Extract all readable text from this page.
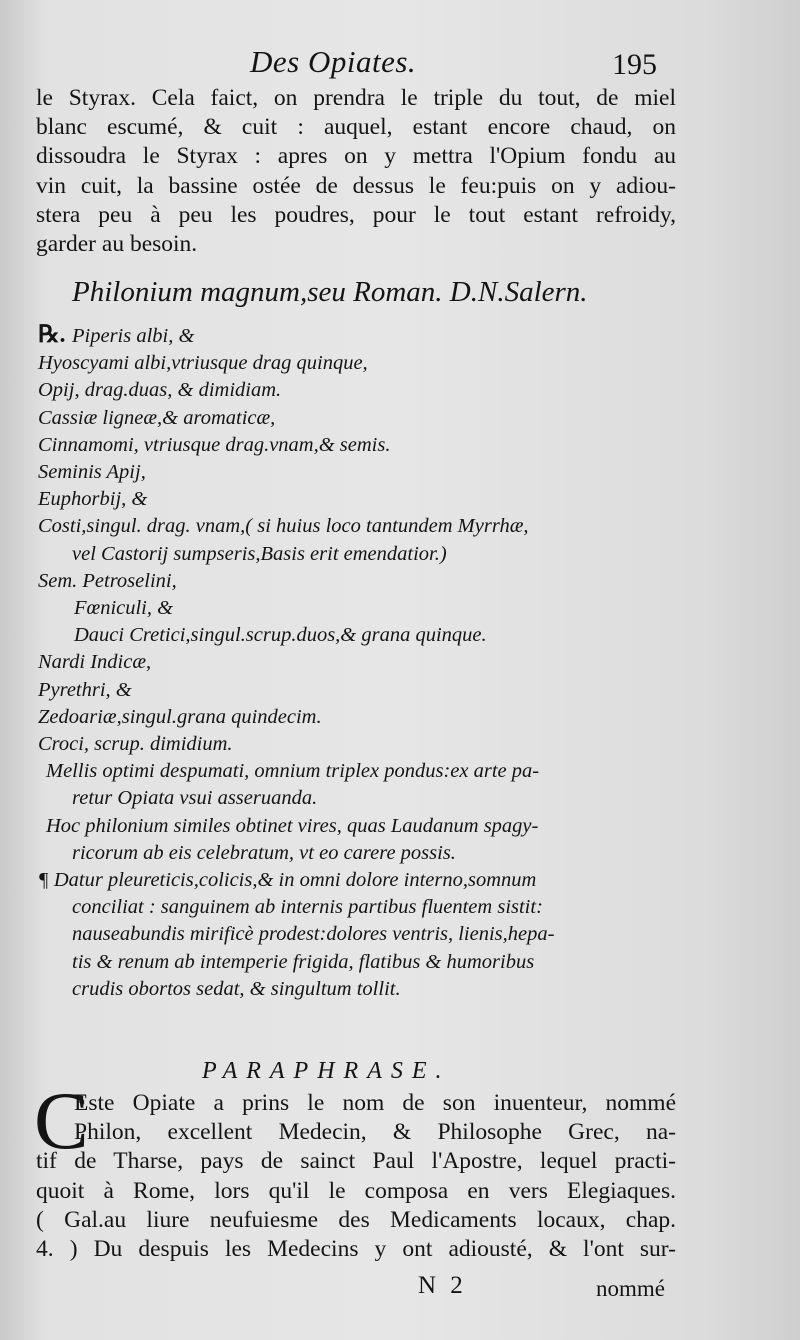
Des Opiates.	195
le Styrax. Cela faict, on prendra le triple du tout, de miel
blanc escumé, & cuit : auquel, estant encore chaud, on
dissoudra le Styrax : apres on y mettra l'Opium fondu au
vin cuit, la bassine ostée de dessus le feu:puis on y adiou-
stera peu à peu les poudres, pour le tout estant refroidy,
garder au besoin.
Philonium magnum,seu Roman. D.N.Salern.
℞. Piperis albi, &
Hyoscyami albi,vtriusque drag quinque,
Opij, drag.duas, & dimidiam.
Cassiæ ligneæ,& aromaticæ,
Cinnamomi, vtriusque drag.vnam,& semis.
Seminis Apij,
Euphorbij, &
Costi,singul. drag. vnam,( si huius loco tantundem Myrrhæ,
vel Castorij sumpseris,Basis erit emendatior.)
Sem. Petroselini,
Fœniculi, &
Dauci Cretici,singul.scrup.duos,& grana quinque.
Nardi Indicæ,
Pyrethri, &
Zedoariæ,singul.grana quindecim.
Croci, scrup. dimidium.
Mellis optimi despumati, omnium triplex pondus:ex arte pa-
retur Opiata vsui asseruanda.
Hoc philonium similes obtinet vires, quas Laudanum spagy-
ricorum ab eis celebratum, vt eo carere possis.
¶ Datur pleureticis,colicis,& in omni dolore interno,somnum
conciliat : sanguinem ab internis partibus fluentem sistit:
nauseabundis mirificè prodest:dolores ventris, lienis,hepa-
tis & renum ab intemperie frigida, flatibus & humoribus
crudis obortos sedat, & singultum tollit.
PARAPHRASE.
C
Este Opiate a prins le nom de son inuenteur, nommé
Philon, excellent Medecin, & Philosophe Grec, na-
tif de Tharse, pays de sainct Paul l'Apostre, lequel practi-
quoit à Rome, lors qu'il le composa en vers Elegiaques.
( Gal.au liure neufuiesme des Medicaments locaux, chap.
4. ) Du despuis les Medecins y ont adiousté, & l'ont sur-
N 2	nommé
